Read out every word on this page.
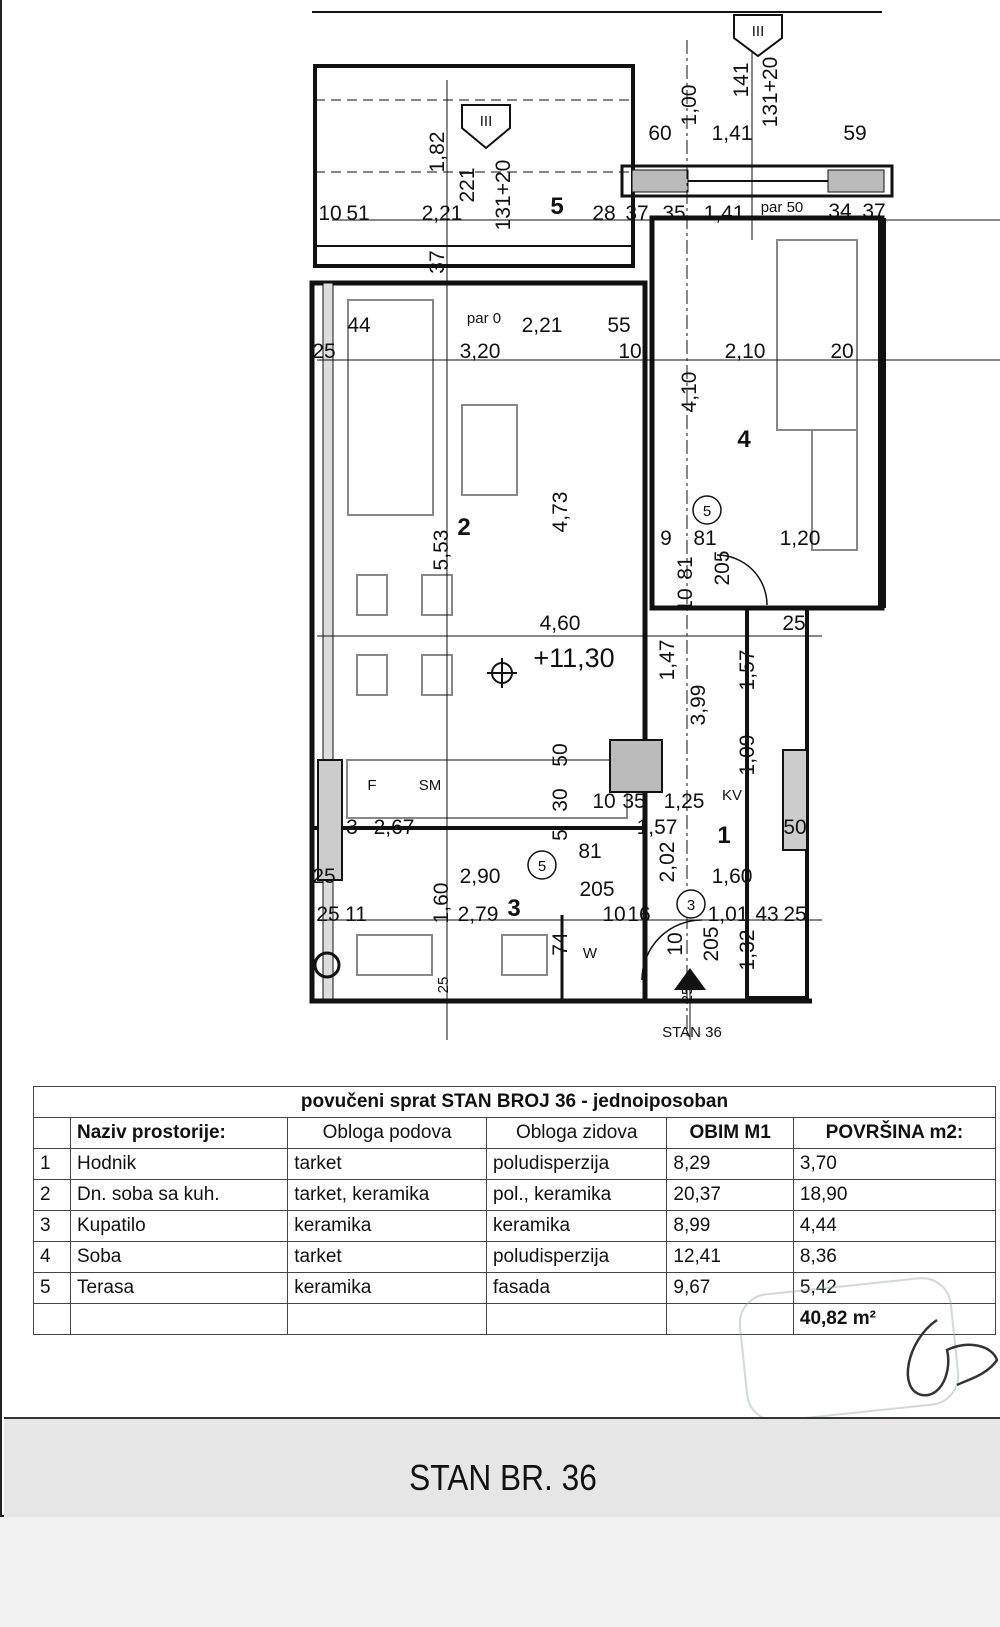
III
III
1,82
221 131+20
2,21
51
10	28 37 35 1,41	34 37
60
1,00
1,41
141 131+20
59
par 0
par 50
44	2,21 55
3,20	10	2,10	20
25
4,10
4,73
5,53
2
5
4
3
1
5
5
3
9 81	1,20
81 205
10
25
4,60
+11,30 1,47
3,99
1,57
50	1,09
F	SM
KV
W
30
5
10 35 1,25
1,57
2,67
3	50
81	2,02
2,90
205
1,60
25
1,60 2,79
11
25	10 16	1,01 43 25
74	10 205 1,32
25
25
37
STAN 36
povučeni sprat STAN BROJ 36 - jednoiposoban					
	Naziv prostorije:	Obloga podova	Obloga zidova	OBIM M1	POVRŠINA m2:
1	Hodnik	tarket	poludisperzija	8,29	3,70
2	Dn. soba sa kuh.	tarket, keramika	pol., keramika	20,37	18,90
3	Kupatilo	keramika	keramika	8,99	4,44
4	Soba	tarket	poludisperzija	12,41	8,36
5	Terasa	keramika	fasada	9,67	5,42
					40,82 m²
STAN BR. 36
